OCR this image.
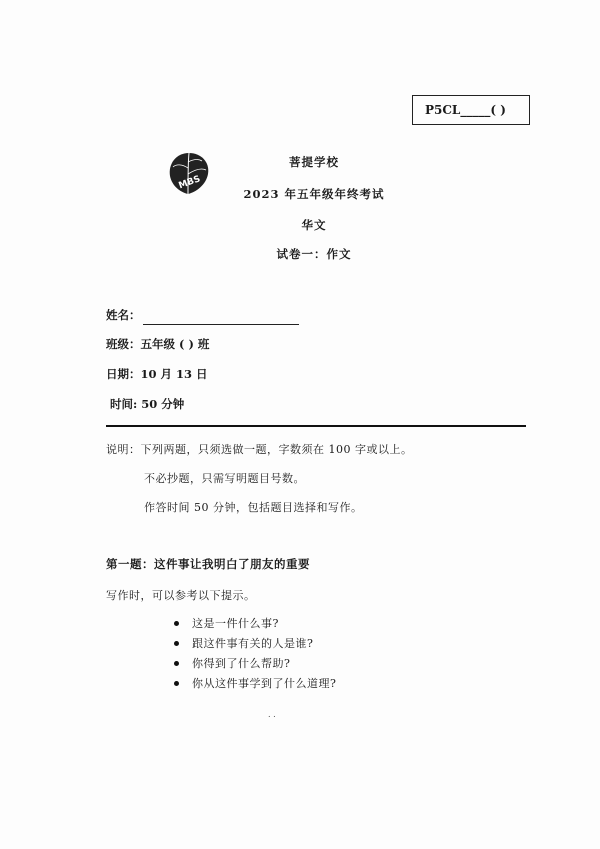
P5CL_____( )
MBS
菩提学校
2023 年五年级年终考试
华文
试卷一：作文
姓名：
班级：五年级 ( ) 班
日期：10 月 13 日
时间: 50 分钟
说明：下列两题，只须选做一题，字数须在 100 字或以上。
不必抄题，只需写明题目号数。
作答时间 50 分钟，包括题目选择和写作。
第一题：这件事让我明白了朋友的重要
写作时，可以参考以下提示。
这是一件什么事?
跟这件事有关的人是谁?
你得到了什么帮助?
你从这件事学到了什么道理?
. .
